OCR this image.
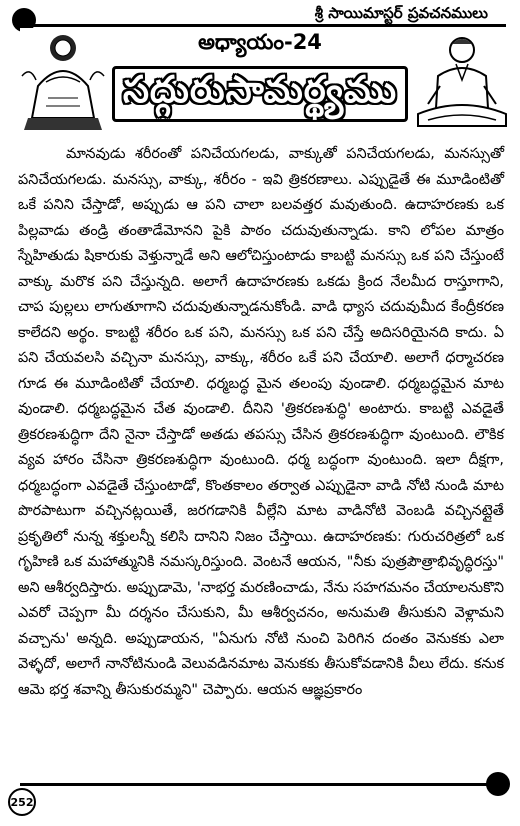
శ్రీ సాయిమాస్టర్ ప్రవచనములు
అధ్యాయం-24
సద్గురుసామర్థ్యము

మానవుడు శరీరంతో పనిచేయగలడు, వాక్కుతో పనిచేయగలడు, మనస్సుతో పనిచేయగలడు. మనస్సు, వాక్కు, శరీరం - ఇవి త్రికరణాలు. ఎప్పుడైతే ఈ మూడింటితో ఒకే పనిని చేస్తాడో, అప్పుడు ఆ పని చాలా బలవత్తర మవుతుంది. ఉదాహరణకు ఒక పిల్లవాడు తండ్రి తంతాడేమోనని పైకి పాఠం చదువుతున్నాడు. కాని లోపల మాత్రం స్నేహితుడు షికారుకు వెళ్తున్నాడే అని ఆలోచిస్తుంటాడు కాబట్టి మనస్సు ఒక పని చేస్తుంటే వాక్కు మరొక పని చేస్తున్నది. అలాగే ఉదాహరణకు ఒకడు క్రింద నేలమీద రాస్తూగాని, చాప పుల్లలు లాగుతూగాని చదువుతున్నాడనుకోండి. వాడి ధ్యాస చదువుమీద కేంద్రీకరణ కాలేదని అర్థం. కాబట్టి శరీరం ఒక పని, మనస్సు ఒక పని చేస్తే అదిసరియైనది కాదు. ఏ పని చేయవలసి వచ్చినా మనస్సు, వాక్కు, శరీరం ఒకే పని చేయాలి. అలాగే ధర్మాచరణ గూడ ఈ మూడింటితో చేయాలి. ధర్మబద్ధ మైన తలంపు వుండాలి. ధర్మబద్ధమైన మాట వుండాలి. ధర్మబద్ధమైన చేత వుండాలి. దీనిని 'త్రికరణశుద్ధి' అంటారు. కాబట్టి ఎవడైతే త్రికరణశుద్ధిగా దేని నైనా చేస్తాడో అతడు తపస్సు చేసిన త్రికరణశుద్ధిగా వుంటుంది. లౌకిక వ్యవ హారం చేసినా త్రికరణశుద్ధిగా వుంటుంది. ధర్మ బద్ధంగా వుంటుంది. ఇలా దీక్షగా, ధర్మబద్ధంగా ఎవడైతే చేస్తుంటాడో, కొంతకాలం తర్వాత ఎప్పుడైనా వాడి నోటి నుండి మాట పొరపాటుగా వచ్చినట్లయితే, జరగడానికి వీల్లేని మాట వాడినోటి వెంబడి వచ్చినట్లైతే ప్రకృతిలో నున్న శక్తులన్నీ కలిసి దానిని నిజం చేస్తాయి. ఉదాహరణకు: గురుచరిత్రలో ఒక గృహిణి ఒక మహాత్మునికి నమస్కరిస్తుంది. వెంటనే ఆయన, "నీకు పుత్రపౌత్రాభివృద్ధిరస్తు" అని ఆశీర్వదిస్తారు. అప్పుడామె, 'నాభర్త మరణించాడు, నేను సహగమనం చేయాలనుకొని ఎవరో చెప్పగా మీ దర్శనం చేసుకుని, మీ ఆశీర్వచనం, అనుమతి తీసుకుని వెళ్లామని వచ్చాను' అన్నది. అప్పుడాయన, "ఏనుగు నోటి నుంచి పెరిగిన దంతం వెనుకకు ఎలా వెళ్ళదో, అలాగే నానోటినుండి వెలువడినమాట వెనుకకు తీసుకోవడానికి వీలు లేదు. కనుక ఆమె భర్త శవాన్ని తీసుకురమ్మని" చెప్పారు. ఆయన ఆజ్ఞప్రకారం

252
